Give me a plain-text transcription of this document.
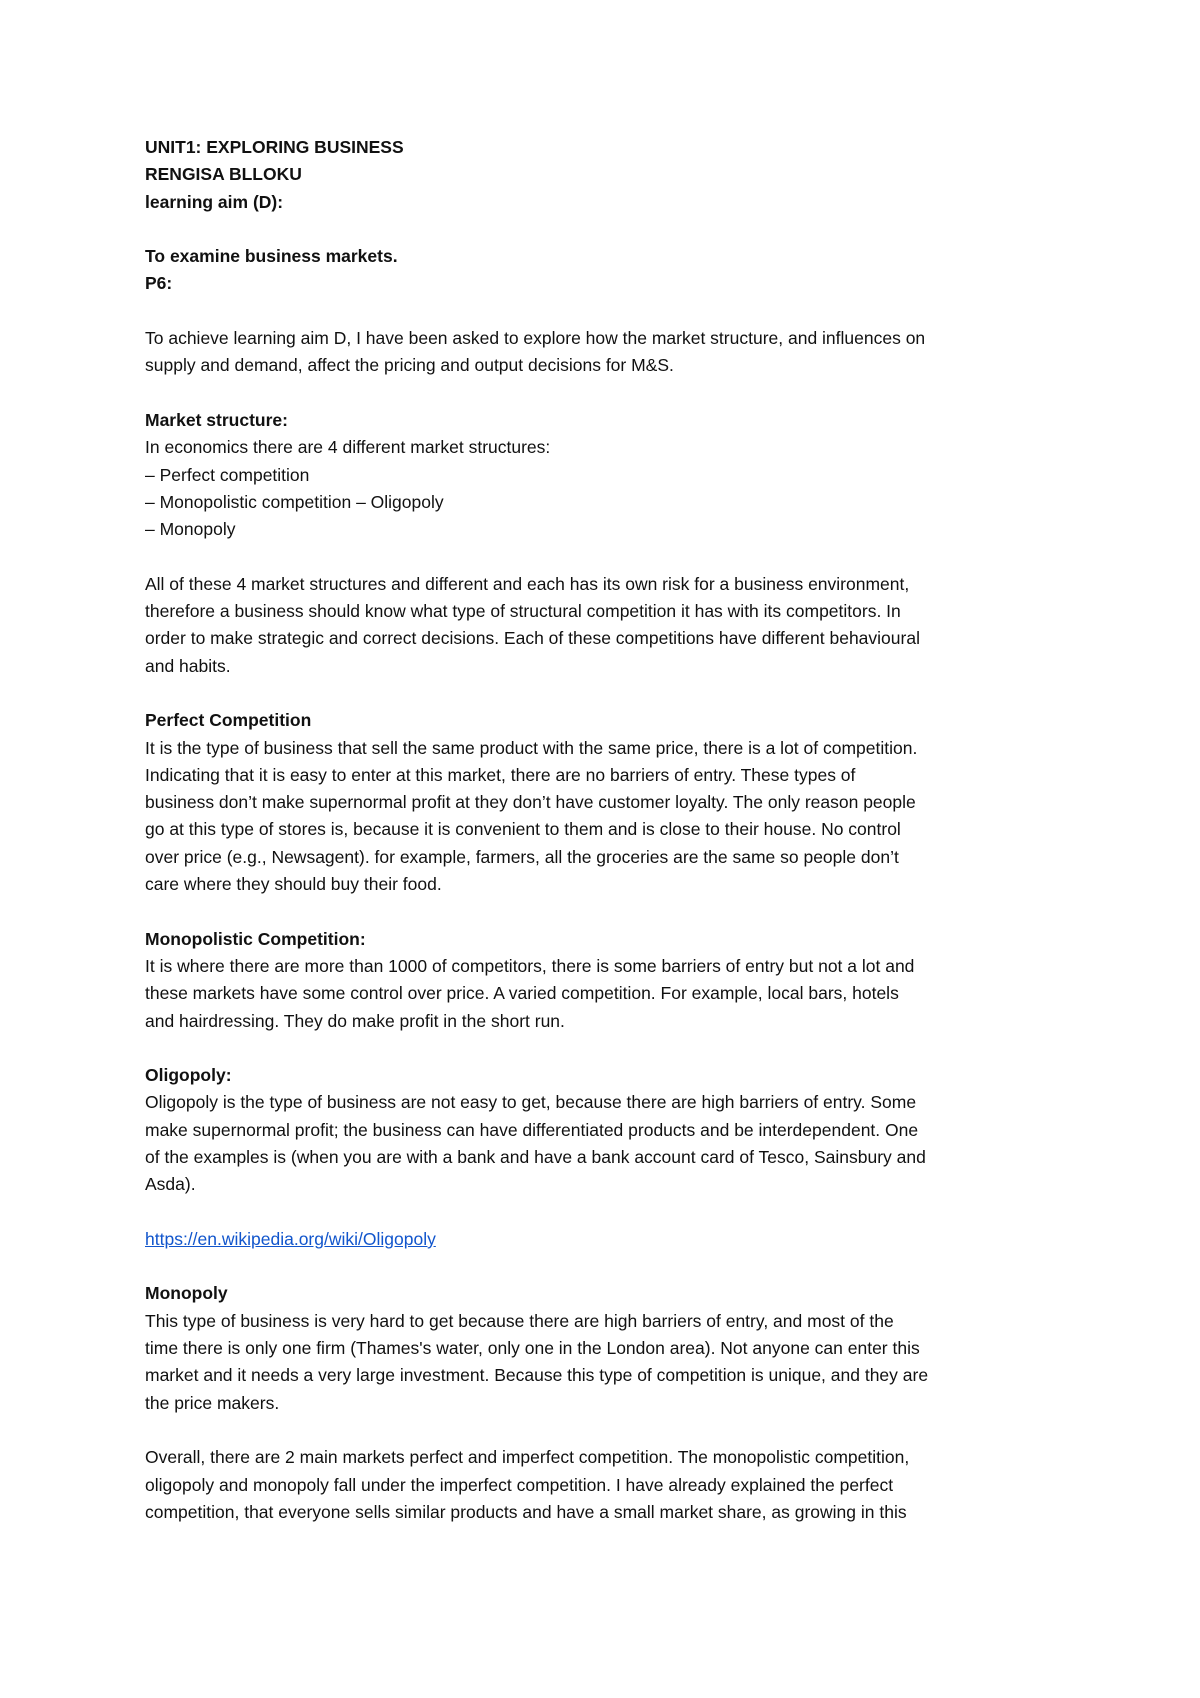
UNIT1: EXPLORING BUSINESS
RENGISA BLLOKU
learning aim (D):
To examine business markets.
P6:
To achieve learning aim D, I have been asked to explore how the market structure, and influences on
supply and demand, affect the pricing and output decisions for M&S.
Market structure:
In economics there are 4 different market structures:
– Perfect competition
– Monopolistic competition – Oligopoly
– Monopoly
All of these 4 market structures and different and each has its own risk for a business environment,
therefore a business should know what type of structural competition it has with its competitors. In
order to make strategic and correct decisions. Each of these competitions have different behavioural
and habits.
Perfect Competition
It is the type of business that sell the same product with the same price, there is a lot of competition.
Indicating that it is easy to enter at this market, there are no barriers of entry. These types of
business don’t make supernormal profit at they don’t have customer loyalty. The only reason people
go at this type of stores is, because it is convenient to them and is close to their house. No control
over price (e.g., Newsagent). for example, farmers, all the groceries are the same so people don’t
care where they should buy their food.
Monopolistic Competition:
It is where there are more than 1000 of competitors, there is some barriers of entry but not a lot and
these markets have some control over price. A varied competition. For example, local bars, hotels
and hairdressing. They do make profit in the short run.
Oligopoly:
Oligopoly is the type of business are not easy to get, because there are high barriers of entry. Some
make supernormal profit; the business can have differentiated products and be interdependent. One
of the examples is (when you are with a bank and have a bank account card of Tesco, Sainsbury and
Asda).
https://en.wikipedia.org/wiki/Oligopoly
Monopoly
This type of business is very hard to get because there are high barriers of entry, and most of the
time there is only one firm (Thames's water, only one in the London area). Not anyone can enter this
market and it needs a very large investment. Because this type of competition is unique, and they are
the price makers.
Overall, there are 2 main markets perfect and imperfect competition. The monopolistic competition,
oligopoly and monopoly fall under the imperfect competition. I have already explained the perfect
competition, that everyone sells similar products and have a small market share, as growing in this
